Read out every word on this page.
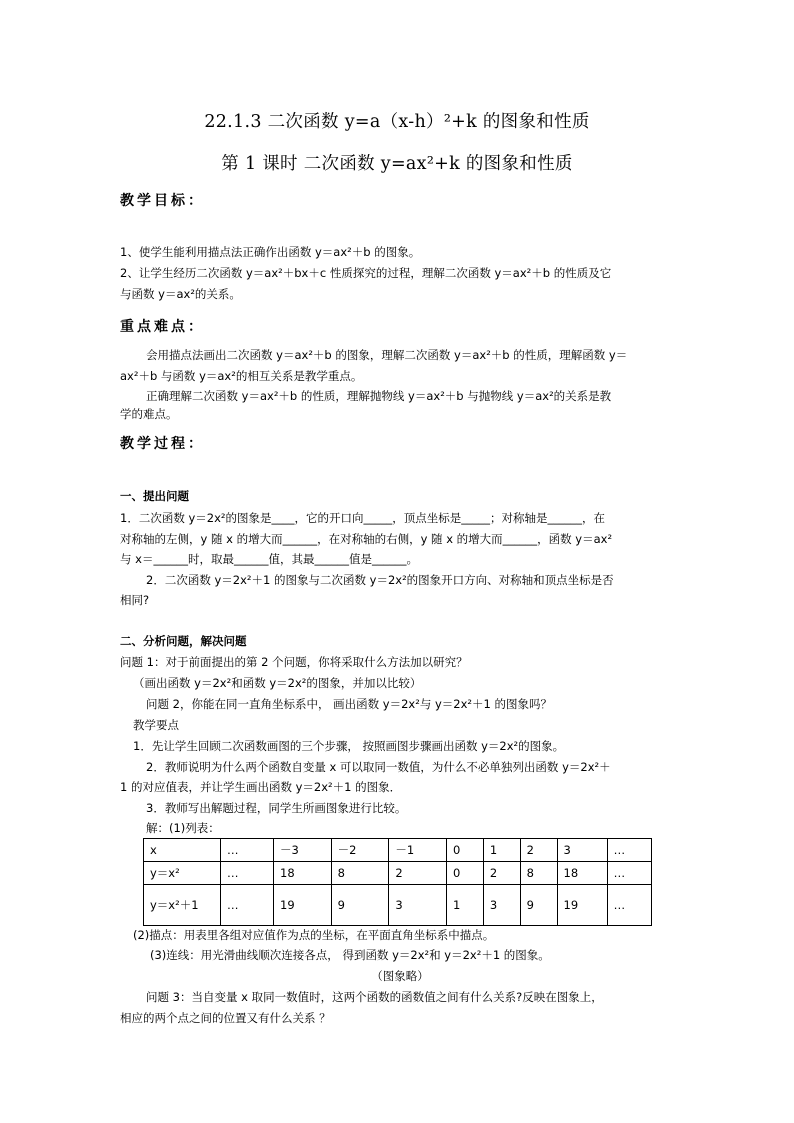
22.1.3 二次函数 y=a（x-h）²+k 的图象和性质
第 1 课时 二次函数 y=ax²+k 的图象和性质
教学目标：
1、使学生能利用描点法正确作出函数 y＝ax²＋b 的图象。
2、让学生经历二次函数 y＝ax²＋bx＋c 性质探究的过程，理解二次函数 y＝ax²＋b 的性质及它
与函数 y＝ax²的关系。
重点难点：
会用描点法画出二次函数 y＝ax²＋b 的图象，理解二次函数 y＝ax²＋b 的性质，理解函数 y＝
ax²＋b 与函数 y＝ax²的相互关系是教学重点。
正确理解二次函数 y＝ax²＋b 的性质，理解抛物线 y＝ax²＋b 与抛物线 y＝ax²的关系是教
学的难点。
教学过程：
一、提出问题
1．二次函数 y＝2x²的图象是____，它的开口向_____，顶点坐标是_____；对称轴是______，在
对称轴的左侧，y 随 x 的增大而______，在对称轴的右侧，y 随 x 的增大而______，函数 y＝ax²
与 x＝______时，取最______值，其最______值是______。
2．二次函数 y＝2x²＋1 的图象与二次函数 y＝2x²的图象开口方向、对称轴和顶点坐标是否
相同?
二、分析问题，解决问题
问题 1：对于前面提出的第 2 个问题，你将采取什么方法加以研究？
（画出函数 y＝2x²和函数 y＝2x²的图象，并加以比较）
问题 2，你能在同一直角坐标系中， 画出函数 y＝2x²与 y＝2x²＋1 的图象吗？
教学要点
1．先让学生回顾二次函数画图的三个步骤， 按照画图步骤画出函数 y＝2x²的图象。
2．教师说明为什么两个函数自变量 x 可以取同一数值，为什么不必单独列出函数 y＝2x²＋
1 的对应值表，并让学生画出函数 y＝2x²＋1 的图象．
3．教师写出解题过程，同学生所画图象进行比较。
解：(1)列表：
x	…	－3	－2	－1	0	1	2	3	…
y＝x²	…	18	8	2	0	2	8	18	…
y＝x²＋1	…	19	9	3	1	3	9	19	…
(2)描点：用表里各组对应值作为点的坐标，在平面直角坐标系中描点。
(3)连线：用光滑曲线顺次连接各点， 得到函数 y＝2x²和 y＝2x²＋1 的图象。
（图象略）
问题 3：当自变量 x 取同一数值时，这两个函数的函数值之间有什么关系?反映在图象上，
相应的两个点之间的位置又有什么关系 ？
